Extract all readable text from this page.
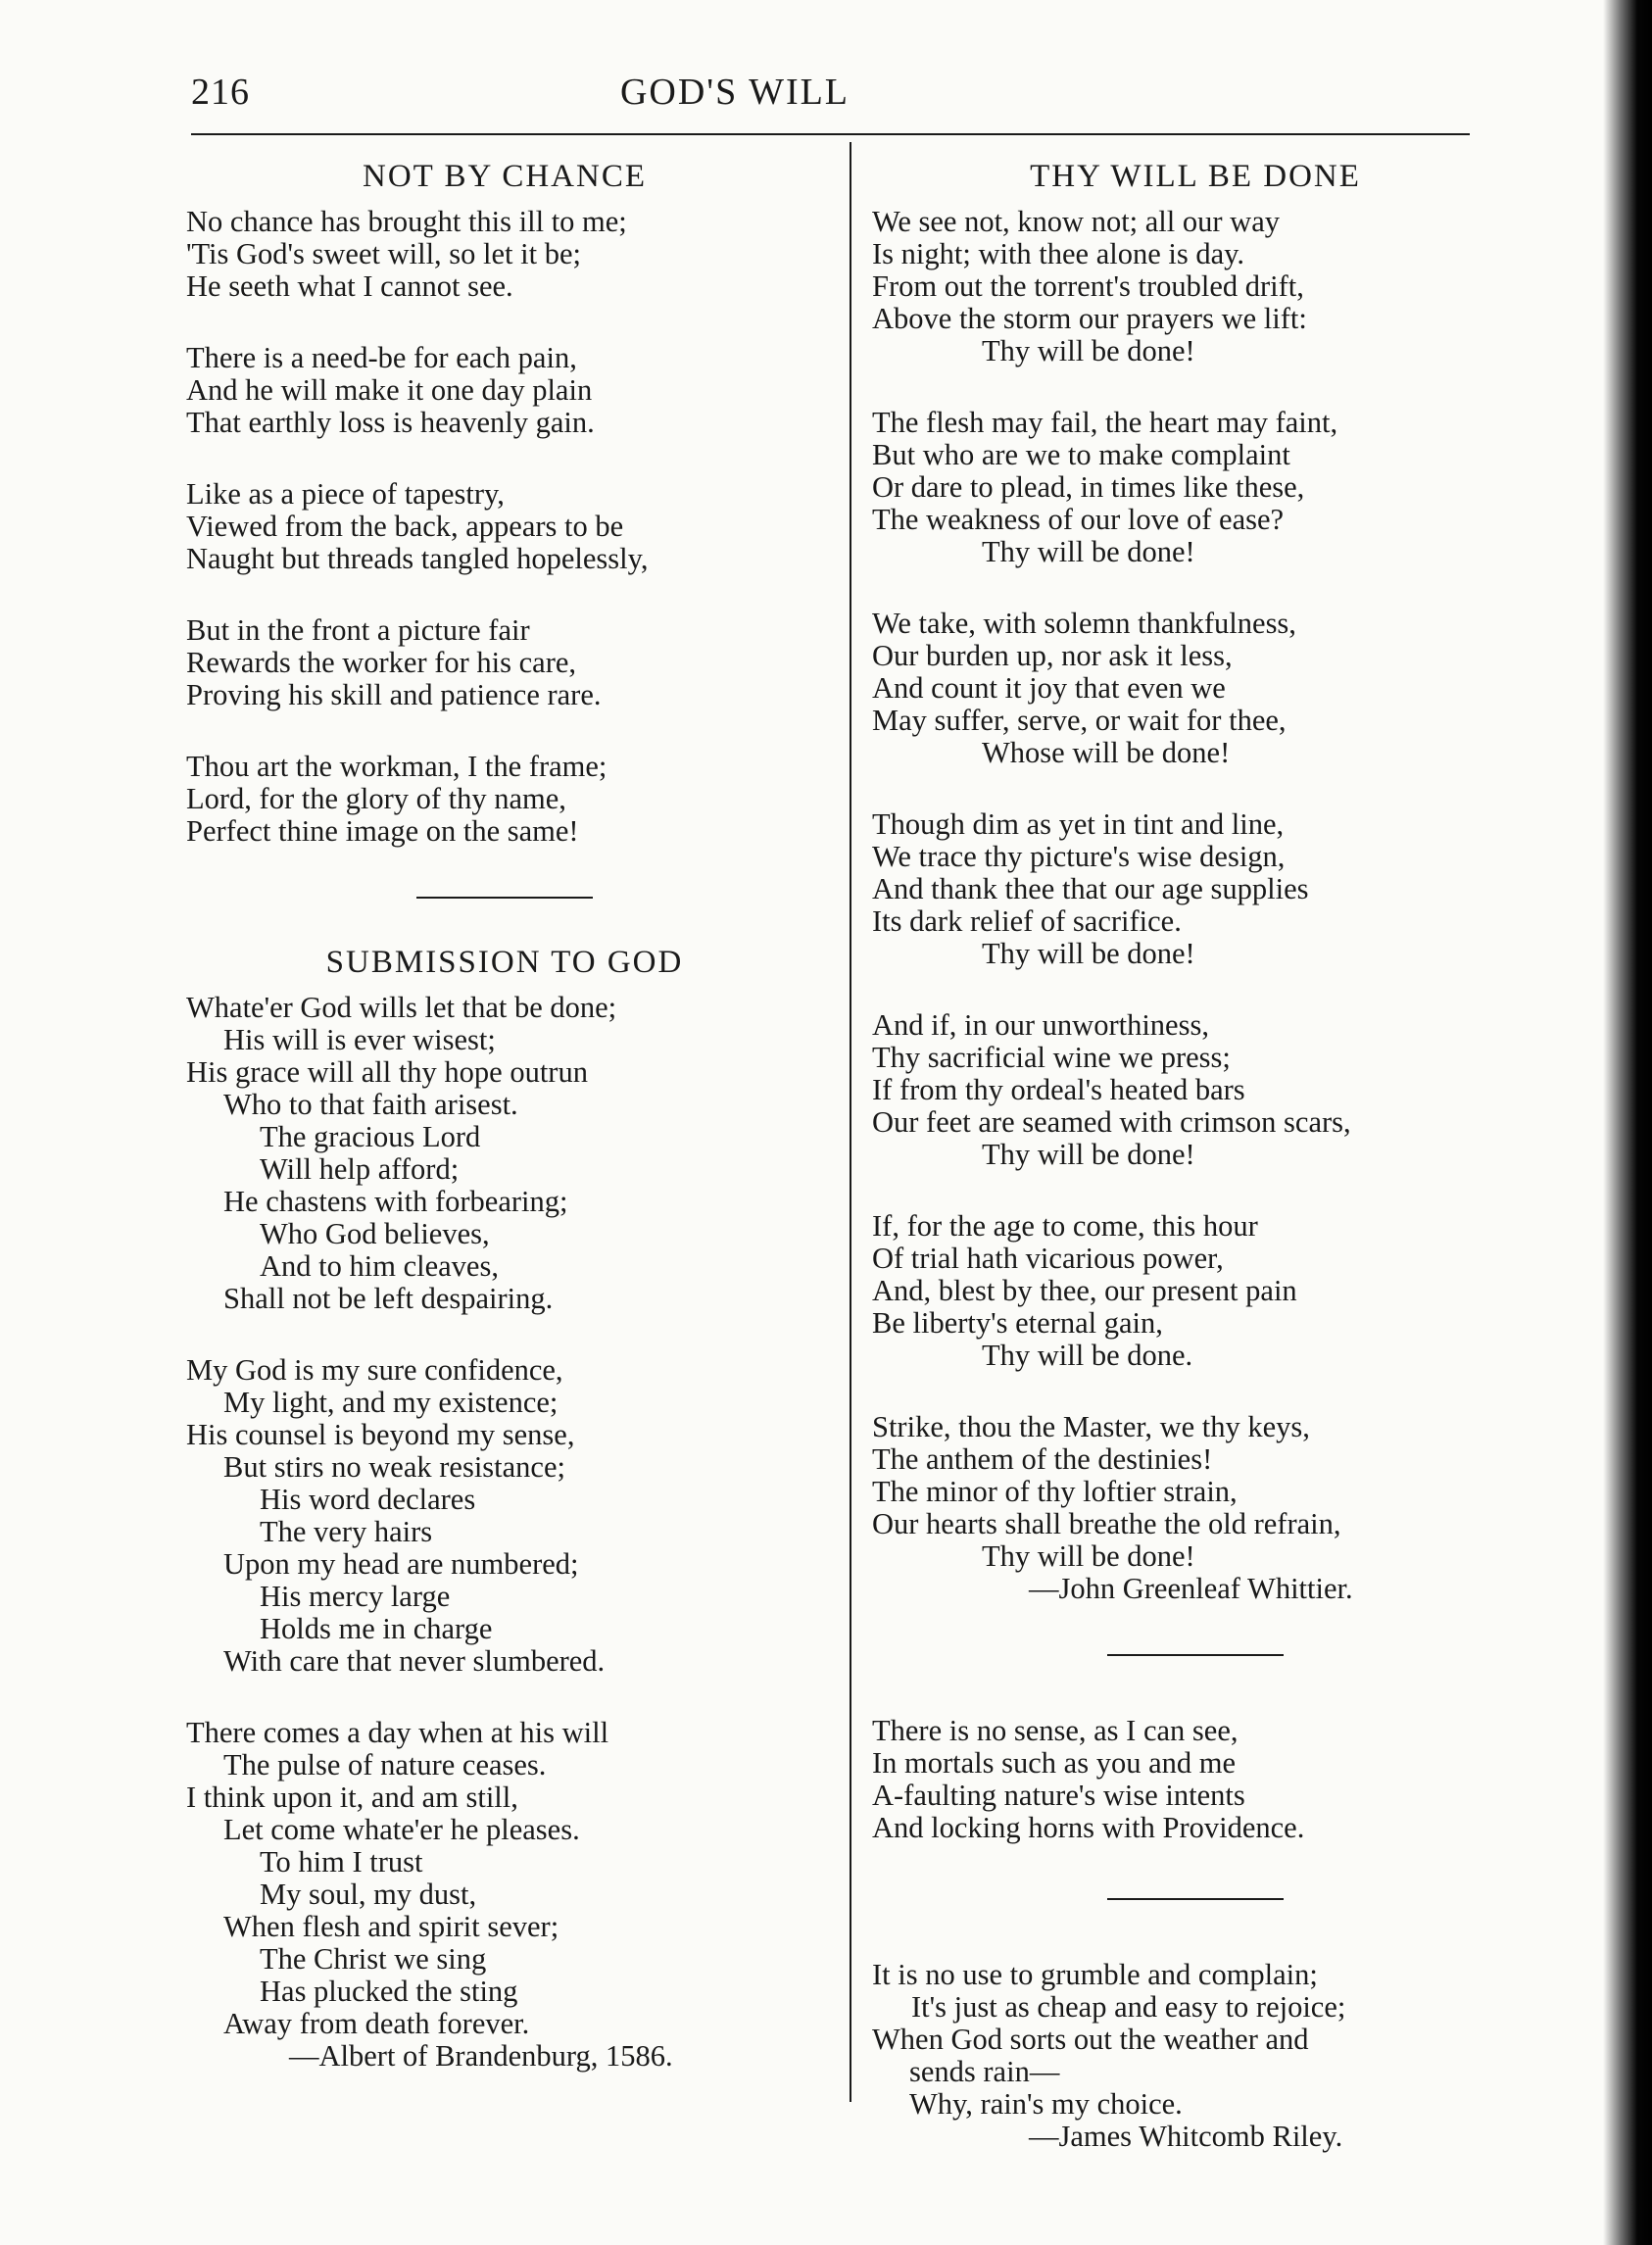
216	GOD'S WILL
NOT BY CHANCE
No chance has brought this ill to me;
'Tis God's sweet will, so let it be;
He seeth what I cannot see.
There is a need-be for each pain,
And he will make it one day plain
That earthly loss is heavenly gain.
Like as a piece of tapestry,
Viewed from the back, appears to be
Naught but threads tangled hopelessly,
But in the front a picture fair
Rewards the worker for his care,
Proving his skill and patience rare.
Thou art the workman, I the frame;
Lord, for the glory of thy name,
Perfect thine image on the same!
SUBMISSION TO GOD
Whate'er God wills let that be done;
His will is ever wisest;
His grace will all thy hope outrun
Who to that faith arisest.
The gracious Lord
Will help afford;
He chastens with forbearing;
Who God believes,
And to him cleaves,
Shall not be left despairing.
My God is my sure confidence,
My light, and my existence;
His counsel is beyond my sense,
But stirs no weak resistance;
His word declares
The very hairs
Upon my head are numbered;
His mercy large
Holds me in charge
With care that never slumbered.
There comes a day when at his will
The pulse of nature ceases.
I think upon it, and am still,
Let come whate'er he pleases.
To him I trust
My soul, my dust,
When flesh and spirit sever;
The Christ we sing
Has plucked the sting
Away from death forever.
—Albert of Brandenburg, 1586.
THY WILL BE DONE
We see not, know not; all our way
Is night; with thee alone is day.
From out the torrent's troubled drift,
Above the storm our prayers we lift:
Thy will be done!
The flesh may fail, the heart may faint,
But who are we to make complaint
Or dare to plead, in times like these,
The weakness of our love of ease?
Thy will be done!
We take, with solemn thankfulness,
Our burden up, nor ask it less,
And count it joy that even we
May suffer, serve, or wait for thee,
Whose will be done!
Though dim as yet in tint and line,
We trace thy picture's wise design,
And thank thee that our age supplies
Its dark relief of sacrifice.
Thy will be done!
And if, in our unworthiness,
Thy sacrificial wine we press;
If from thy ordeal's heated bars
Our feet are seamed with crimson scars,
Thy will be done!
If, for the age to come, this hour
Of trial hath vicarious power,
And, blest by thee, our present pain
Be liberty's eternal gain,
Thy will be done.
Strike, thou the Master, we thy keys,
The anthem of the destinies!
The minor of thy loftier strain,
Our hearts shall breathe the old refrain,
Thy will be done!
—John Greenleaf Whittier.
There is no sense, as I can see,
In mortals such as you and me
A-faulting nature's wise intents
And locking horns with Providence.
It is no use to grumble and complain;
It's just as cheap and easy to rejoice;
When God sorts out the weather and
sends rain—
Why, rain's my choice.
—James Whitcomb Riley.
